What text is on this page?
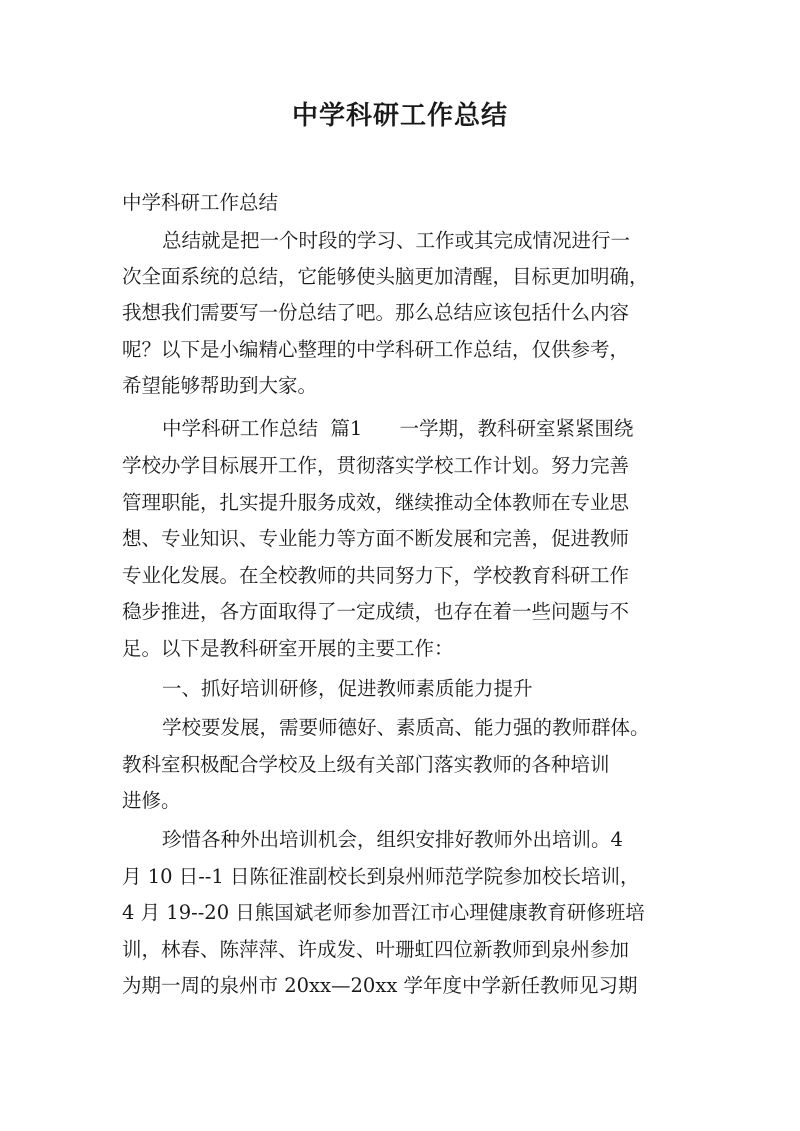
中学科研工作总结
中学科研工作总结
总结就是把一个时段的学习、工作或其完成情况进行一
次全面系统的总结，它能够使头脑更加清醒，目标更加明确，
我想我们需要写一份总结了吧。那么总结应该包括什么内容
呢？以下是小编精心整理的中学科研工作总结，仅供参考，
希望能够帮助到大家。
中学科研工作总结  篇1      一学期，教科研室紧紧围绕
学校办学目标展开工作，贯彻落实学校工作计划。努力完善
管理职能，扎实提升服务成效，继续推动全体教师在专业思
想、专业知识、专业能力等方面不断发展和完善，促进教师
专业化发展。在全校教师的共同努力下，学校教育科研工作
稳步推进，各方面取得了一定成绩，也存在着一些问题与不
足。以下是教科研室开展的主要工作：
一、抓好培训研修，促进教师素质能力提升
学校要发展，需要师德好、素质高、能力强的教师群体。
教科室积极配合学校及上级有关部门落实教师的各种培训
进修。
珍惜各种外出培训机会，组织安排好教师外出培训。4
月 10 日--1 日陈征淮副校长到泉州师范学院参加校长培训，
4 月 19--20 日熊国斌老师参加晋江市心理健康教育研修班培
训，林春、陈萍萍、许成发、叶珊虹四位新教师到泉州参加
为期一周的泉州市 20xx—20xx 学年度中学新任教师见习期
